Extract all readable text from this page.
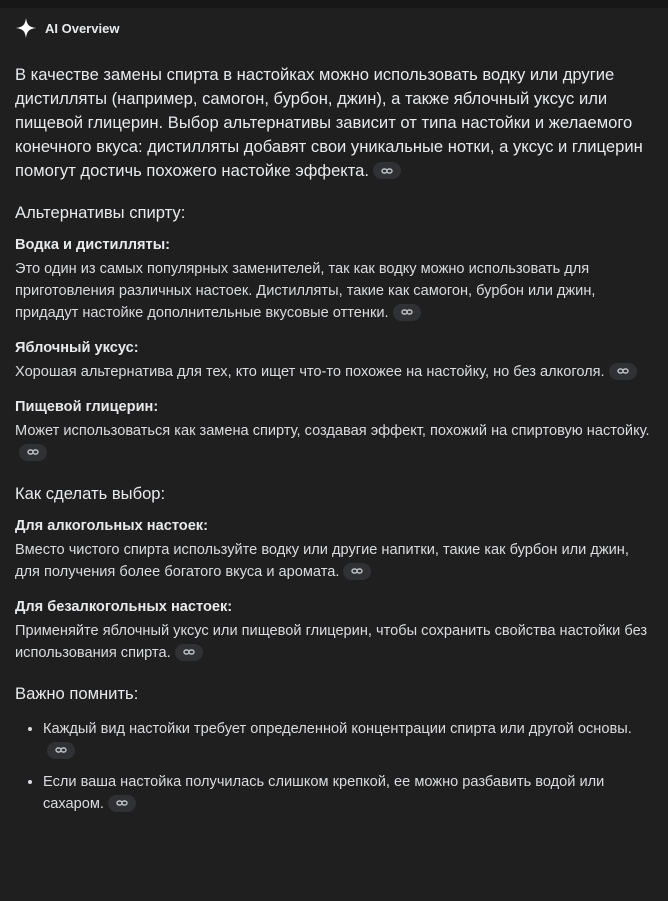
AI Overview
В качестве замены спирта в настойках можно использовать водку или другие дистилляты (например, самогон, бурбон, джин), а также яблочный уксус или пищевой глицерин. Выбор альтернативы зависит от типа настойки и желаемого конечного вкуса: дистилляты добавят свои уникальные нотки, а уксус и глицерин помогут достичь похожего настойке эффекта.
Альтернативы спирту:
Водка и дистилляты:
Это один из самых популярных заменителей, так как водку можно использовать для приготовления различных настоек. Дистилляты, такие как самогон, бурбон или джин, придадут настойке дополнительные вкусовые оттенки.
Яблочный уксус:
Хорошая альтернатива для тех, кто ищет что-то похожее на настойку, но без алкоголя.
Пищевой глицерин:
Может использоваться как замена спирту, создавая эффект, похожий на спиртовую настойку.
Как сделать выбор:
Для алкогольных настоек:
Вместо чистого спирта используйте водку или другие напитки, такие как бурбон или джин, для получения более богатого вкуса и аромата.
Для безалкогольных настоек:
Применяйте яблочный уксус или пищевой глицерин, чтобы сохранить свойства настойки без использования спирта.
Важно помнить:
• Каждый вид настойки требует определенной концентрации спирта или другой основы.
• Если ваша настойка получилась слишком крепкой, ее можно разбавить водой или сахаром.
